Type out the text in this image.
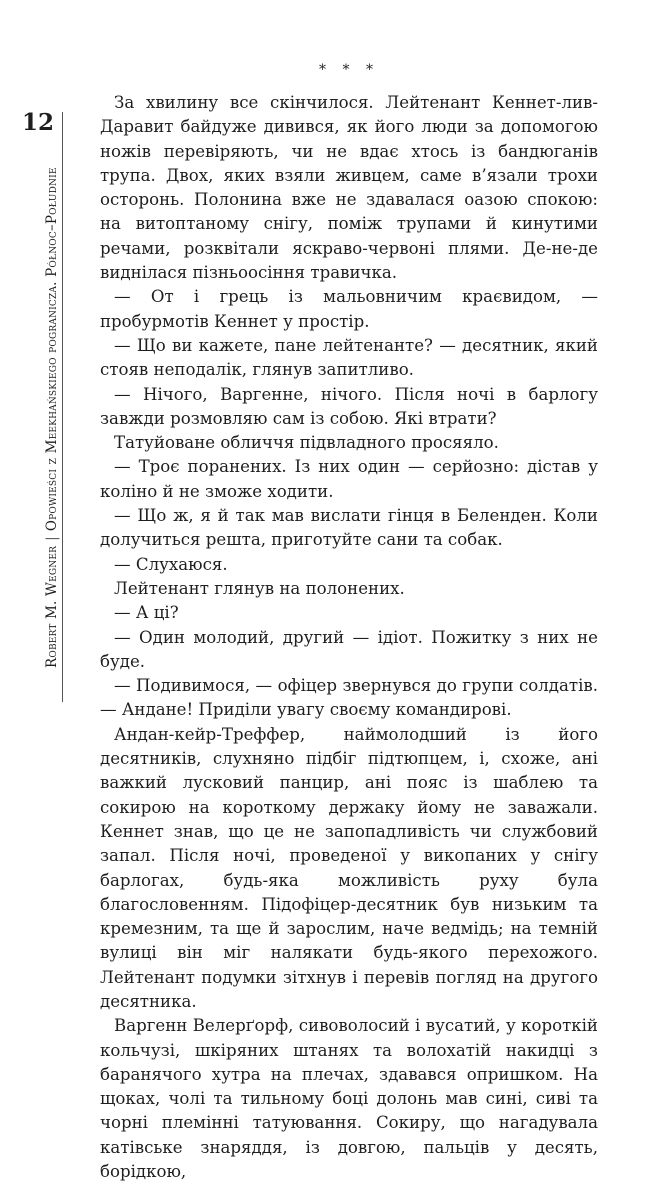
12
Robert M. Wegner|Opowieści z Meekhańskiego pogranicza. Północ–Południe
* * *

За хвилину все скінчилося. Лейтенант Кеннет-лив-Даравит байдуже дивився, як його люди за допомогою ножів перевіряють, чи не вдає хтось із бандюганів трупа. Двох, яких взяли живцем, саме в’язали трохи осторонь. Полонина вже не здавалася оазою спокою: на витоптаному снігу, поміж трупами й кинутими речами, розквітали яскраво-червоні плями. Де-не-де виднілася пізньоосіння травичка.

— От і грець із мальовничим краєвидом, — пробурмотів Кеннет у простір.

— Що ви кажете, пане лейтенанте? — десятник, який стояв неподалік, глянув запитливо.

— Нічого, Варгенне, нічого. Після ночі в барлогу завжди розмовляю сам із собою. Які втрати?

Татуйоване обличчя підвладного просяяло.

— Троє поранених. Із них один — серйозно: дістав у коліно й не зможе ходити.

— Що ж, я й так мав вислати гінця в Беленден. Коли долучиться решта, приготуйте сани та собак.

— Слухаюся.

Лейтенант глянув на полонених.

— А ці?

— Один молодий, другий — ідіот. Пожитку з них не буде.

— Подивимося, — офіцер звернувся до групи солдатів. — Андане! Приділи увагу своєму командирові.

Андан-кейр-Треффер, наймолодший із його десятників, слухняно підбіг підтюпцем, і, схоже, ані важкий лусковий панцир, ані пояс із шаблею та сокирою на короткому держаку йому не заважали. Кеннет знав, що це не запопадливість чи службовий запал. Після ночі, проведеної у викопаних у снігу барлогах, будь-яка можливість руху була благословенням. Підофіцер-десятник був низьким та кремезним, та ще й зарослим, наче ведмідь; на темній вулиці він міг налякати будь-якого перехожого. Лейтенант подумки зітхнув і перевів погляд на другого десятника.

Варгенн Велерґорф, сивоволосий і вусатий, у короткій кольчузі, шкіряних штанях та волохатій накидці з баранячого хутра на плечах, здавався опришком. На щоках, чолі та тильному боці долонь мав сині, сиві та чорні племінні татуювання. Сокиру, що нагадувала катівське знаряддя, із довгою, пальців у десять, борідкою,
